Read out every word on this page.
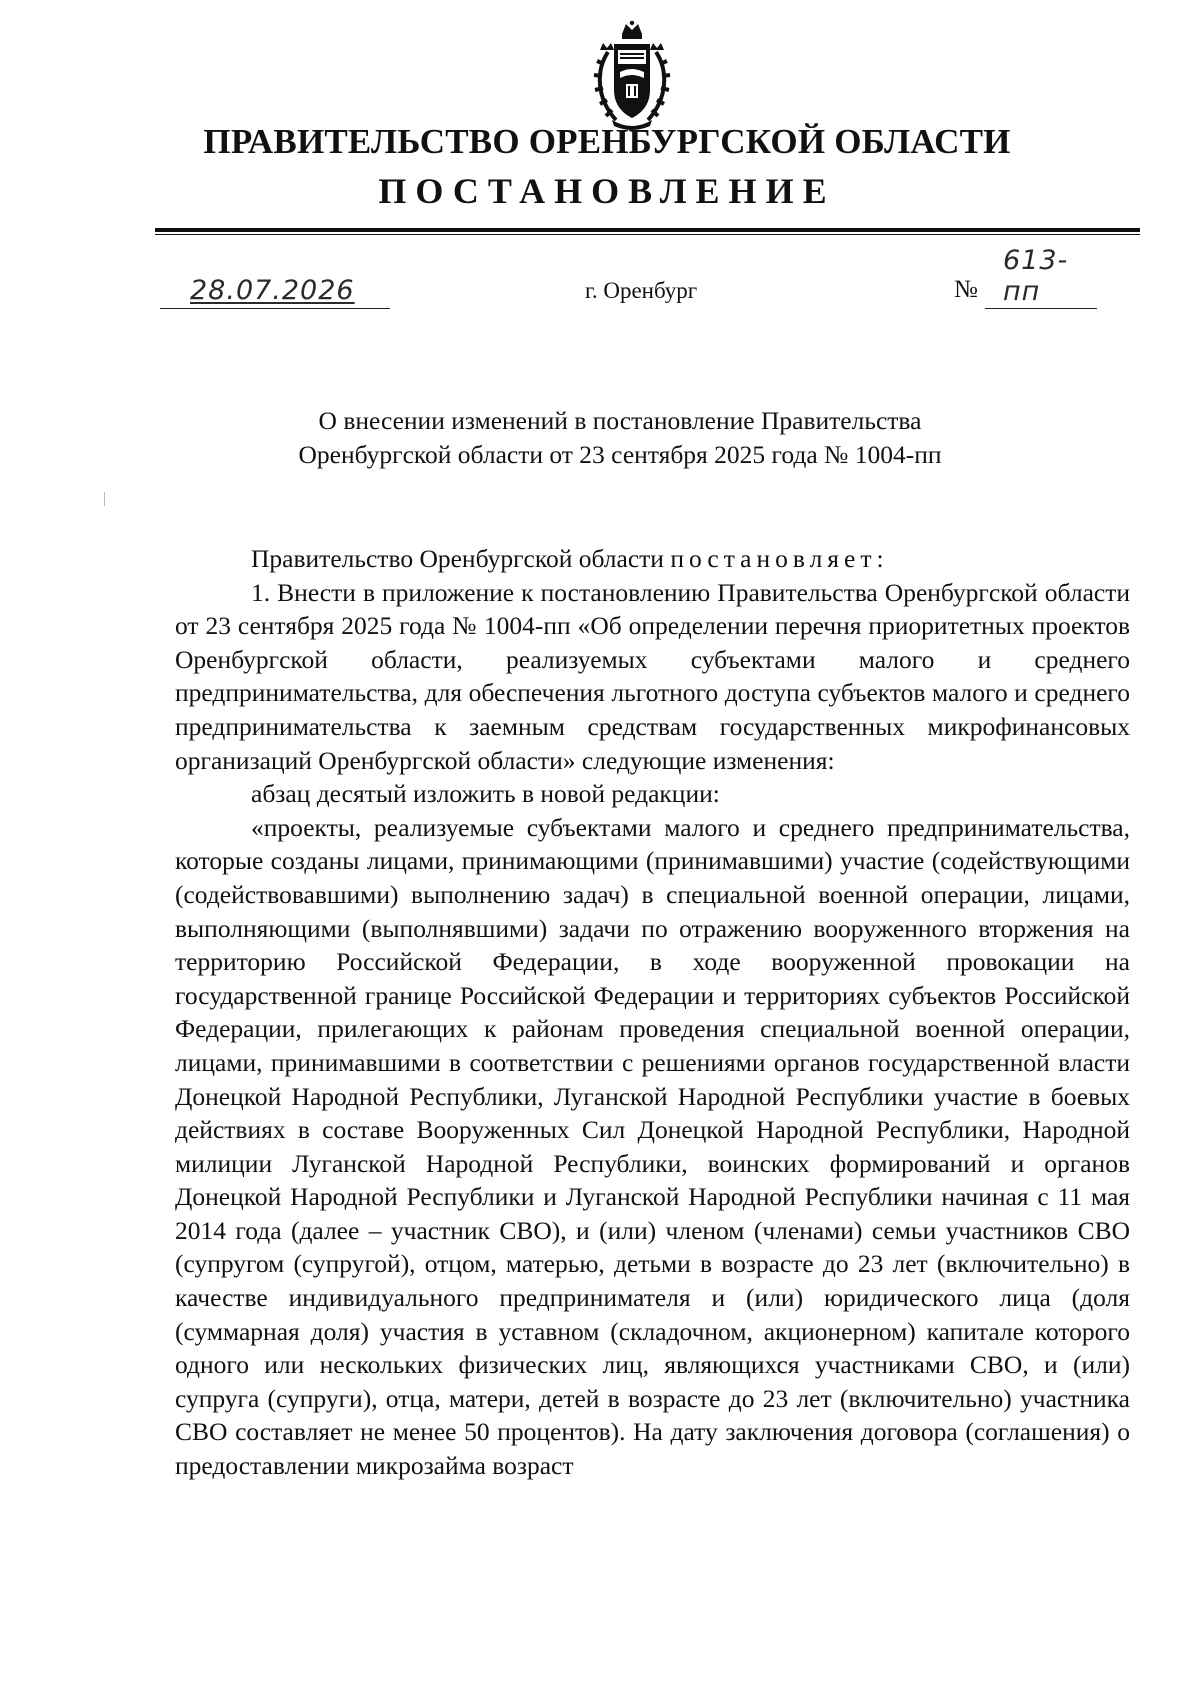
ПРАВИТЕЛЬСТВО ОРЕНБУРГСКОЙ ОБЛАСТИ
ПОСТАНОВЛЕНИЕ
28.07.2026	г. Оренбург	№
613-пп
О внесении изменений в постановление Правительства
Оренбургской области от 23 сентября 2025 года № 1004-пп

Правительство Оренбургской области постановляет:

1. Внести в приложение к постановлению Правительства Оренбургской области от 23 сентября 2025 года № 1004-пп «Об определении перечня приоритетных проектов Оренбургской области, реализуемых субъектами малого и среднего предпринимательства, для обеспечения льготного доступа субъектов малого и среднего предпринимательства к заемным средствам государственных микрофинансовых организаций Оренбургской области» следующие изменения:

абзац десятый изложить в новой редакции:

«проекты, реализуемые субъектами малого и среднего предпринимательства, которые созданы лицами, принимающими (принимавшими) участие (содействующими (содействовавшими) выполнению задач) в специальной военной операции, лицами, выполняющими (выполнявшими) задачи по отражению вооруженного вторжения на территорию Российской Федерации, в ходе вооруженной провокации на государственной границе Российской Федерации и территориях субъектов Российской Федерации, прилегающих к районам проведения специальной военной операции, лицами, принимавшими в соответствии с решениями органов государственной власти Донецкой Народной Республики, Луганской Народной Республики участие в боевых действиях в составе Вооруженных Сил Донецкой Народной Республики, Народной милиции Луганской Народной Республики, воинских формирований и органов Донецкой Народной Республики и Луганской Народной Республики начиная с 11 мая 2014 года (далее – участник СВО), и (или) членом (членами) семьи участников СВО (супругом (супругой), отцом, матерью, детьми в возрасте до 23 лет (включительно) в качестве индивидуального предпринимателя и (или) юридического лица (доля (суммарная доля) участия в уставном (складочном, акционерном) капитале которого одного или нескольких физических лиц, являющихся участниками СВО, и (или) супруга (супруги), отца, матери, детей в возрасте до 23 лет (включительно) участника СВО составляет не менее 50 процентов). На дату заключения договора (соглашения) о предоставлении микрозайма возраст
